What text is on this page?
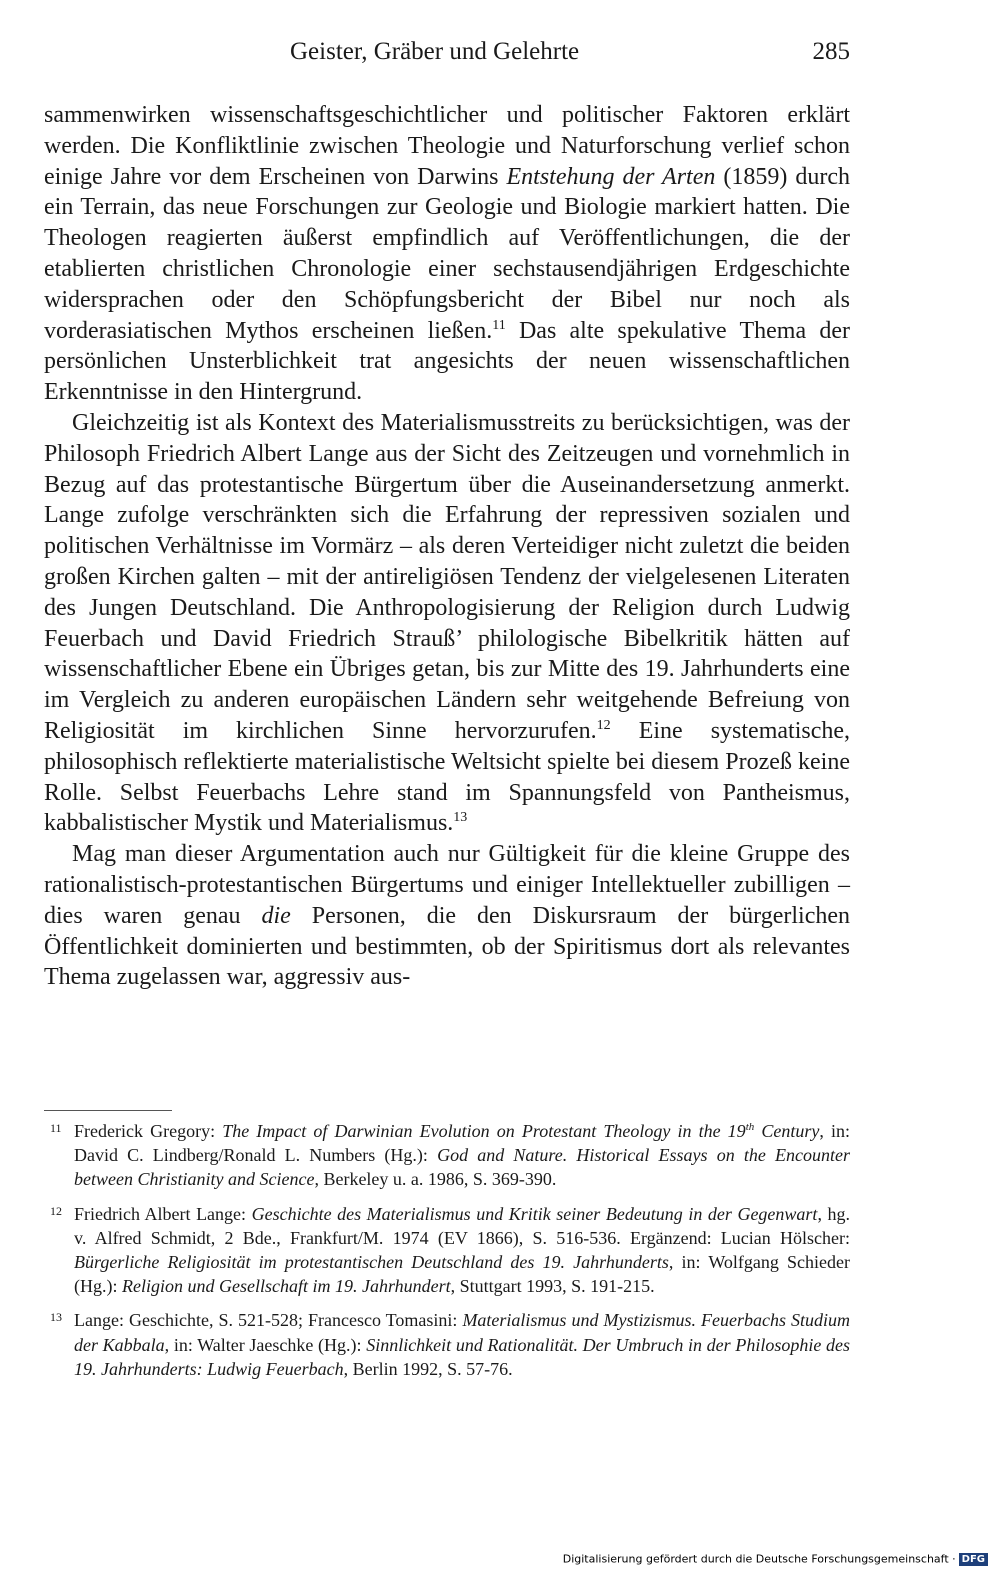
Geister, Gräber und Gelehrte	285

sammenwirken wissenschaftsgeschichtlicher und politischer Faktoren erklärt werden. Die Konfliktlinie zwischen Theologie und Naturforschung verlief schon einige Jahre vor dem Erscheinen von Darwins Entstehung der Arten (1859) durch ein Terrain, das neue Forschungen zur Geologie und Biologie markiert hatten. Die Theologen reagierten äußerst empfindlich auf Veröffentlichungen, die der etablierten christlichen Chronologie einer sechstausendjährigen Erdgeschichte widersprachen oder den Schöpfungsbericht der Bibel nur noch als vorderasiatischen Mythos erscheinen ließen.$^{11}$ Das alte spekulative Thema der persönlichen Unsterblichkeit trat angesichts der neuen wissenschaftlichen Erkenntnisse in den Hintergrund.

Gleichzeitig ist als Kontext des Materialismusstreits zu berücksichtigen, was der Philosoph Friedrich Albert Lange aus der Sicht des Zeitzeugen und vornehmlich in Bezug auf das protestantische Bürgertum über die Auseinandersetzung anmerkt. Lange zufolge verschränkten sich die Erfahrung der repressiven sozialen und politischen Verhältnisse im Vormärz – als deren Verteidiger nicht zuletzt die beiden großen Kirchen galten – mit der antireligiösen Tendenz der vielgelesenen Literaten des Jungen Deutschland. Die Anthropologisierung der Religion durch Ludwig Feuerbach und David Friedrich Strauß’ philologische Bibelkritik hätten auf wissenschaftlicher Ebene ein Übriges getan, bis zur Mitte des 19. Jahrhunderts eine im Vergleich zu anderen europäischen Ländern sehr weitgehende Befreiung von Religiosität im kirchlichen Sinne hervorzurufen.$^{12}$ Eine systematische, philosophisch reflektierte materialistische Weltsicht spielte bei diesem Prozeß keine Rolle. Selbst Feuerbachs Lehre stand im Spannungsfeld von Pantheismus, kabbalistischer Mystik und Materialismus.$^{13}$

Mag man dieser Argumentation auch nur Gültigkeit für die kleine Gruppe des rationalistisch-protestantischen Bürgertums und einiger Intellektueller zubilligen – dies waren genau die Personen, die den Diskursraum der bürgerlichen Öffentlichkeit dominierten und bestimmten, ob der Spiritismus dort als relevantes Thema zugelassen war, aggressiv aus-

11 Frederick Gregory: The Impact of Darwinian Evolution on Protestant Theology in the 19th Century, in: David C. Lindberg/Ronald L. Numbers (Hg.): God and Nature. Historical Essays on the Encounter between Christianity and Science, Berkeley u. a. 1986, S. 369-390.
12 Friedrich Albert Lange: Geschichte des Materialismus und Kritik seiner Bedeutung in der Gegenwart, hg. v. Alfred Schmidt, 2 Bde., Frankfurt/M. 1974 (EV 1866), S. 516-536. Ergänzend: Lucian Hölscher: Bürgerliche Religiosität im protestantischen Deutschland des 19. Jahrhunderts, in: Wolfgang Schieder (Hg.): Religion und Gesellschaft im 19. Jahrhundert, Stuttgart 1993, S. 191-215.
13 Lange: Geschichte, S. 521-528; Francesco Tomasini: Materialismus und Mystizismus. Feuerbachs Studium der Kabbala, in: Walter Jaeschke (Hg.): Sinnlichkeit und Rationalität. Der Umbruch in der Philosophie des 19. Jahrhunderts: Ludwig Feuerbach, Berlin 1992, S. 57-76.
Digitalisierung gefördert durch die Deutsche Forschungsgemeinschaft · DFG
